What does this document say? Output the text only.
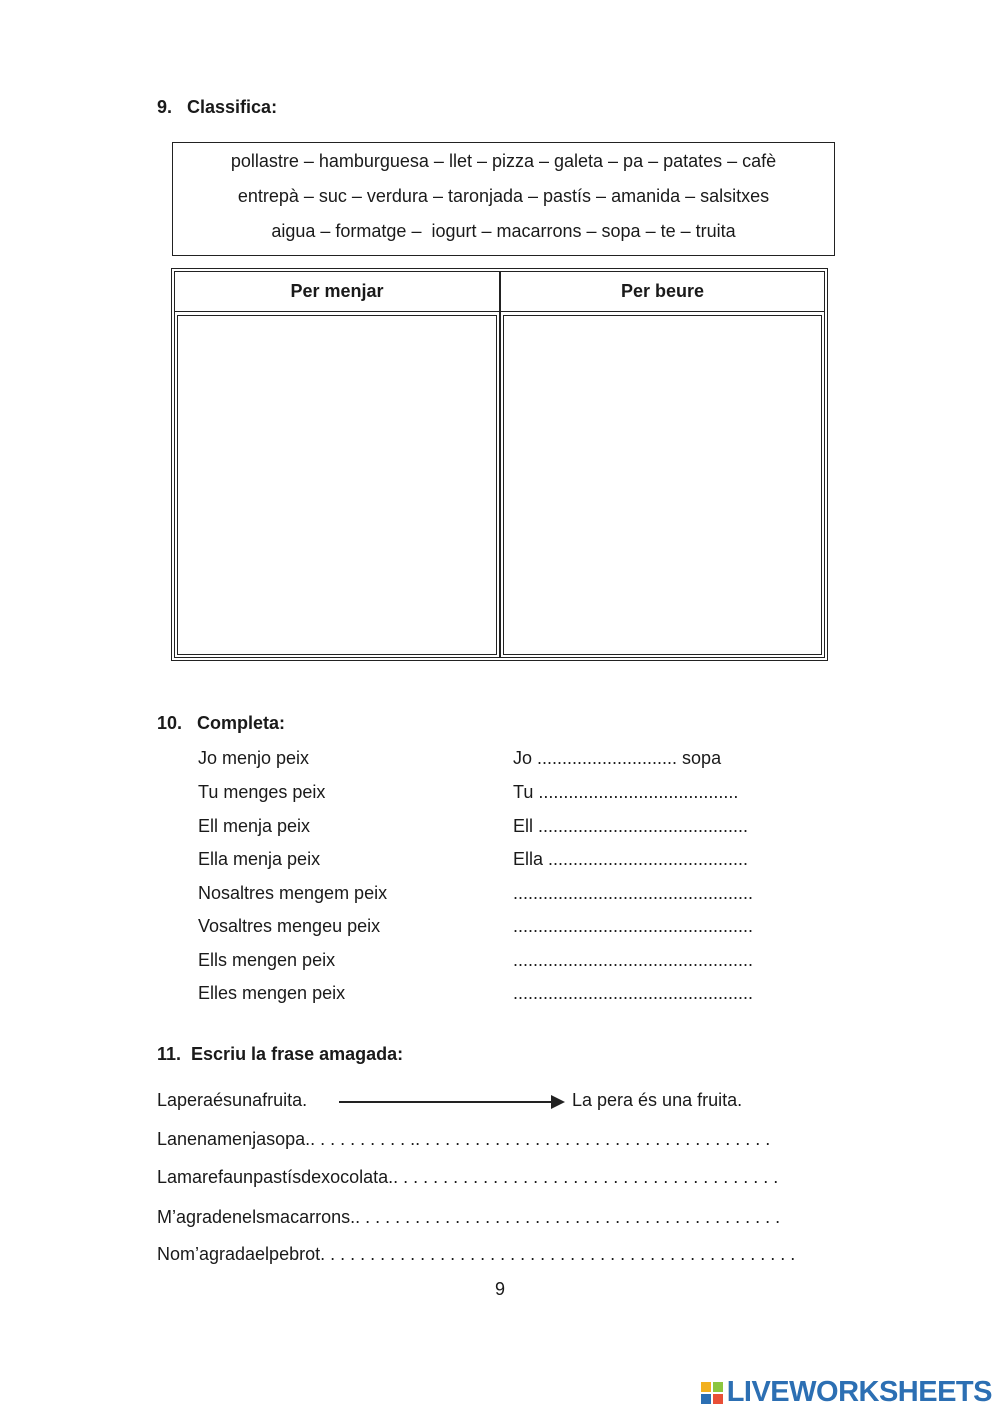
9.   Classifica:
pollastre – hamburguesa – llet – pizza – galeta – pa – patates – cafè
entrepà – suc – verdura – taronjada – pastís – amanida – salsitxes
aigua – formatge –  iogurt – macarrons – sopa – te – truita
Per menjar	Per beure
10.   Completa:
Jo menjo peix	Jo ............................ sopa
Tu menges peix	Tu ........................................
Ell menja peix	Ell ..........................................
Ella menja peix	Ella ........................................
Nosaltres mengem peix	................................................
Vosaltres mengeu peix	................................................
Ells mengen peix	................................................
Elles mengen peix	................................................
11.  Escriu la frase amagada:
Laperaésunafruita.	La pera és una fruita.
Lanenamenjasopa.. . . . . . . . . . .. . . . . . . . . . . . . . . . . . . . . . . . . . . . . . . . . . . .
Lamarefaunpastísdexocolata.. . . . . . . . . . . . . . . . . . . . . . . . . . . . . . . . . . . . . . .
M’agradenelsmacarrons.. . . . . . . . . . . . . . . . . . . . . . . . . . . . . . . . . . . . . . . . . . .
Nom’agradaelpebrot. . . . . . . . . . . . . . . . . . . . . . . . . . . . . . . . . . . . . . . . . . . . . . . .
9
LIVEWORKSHEETS
